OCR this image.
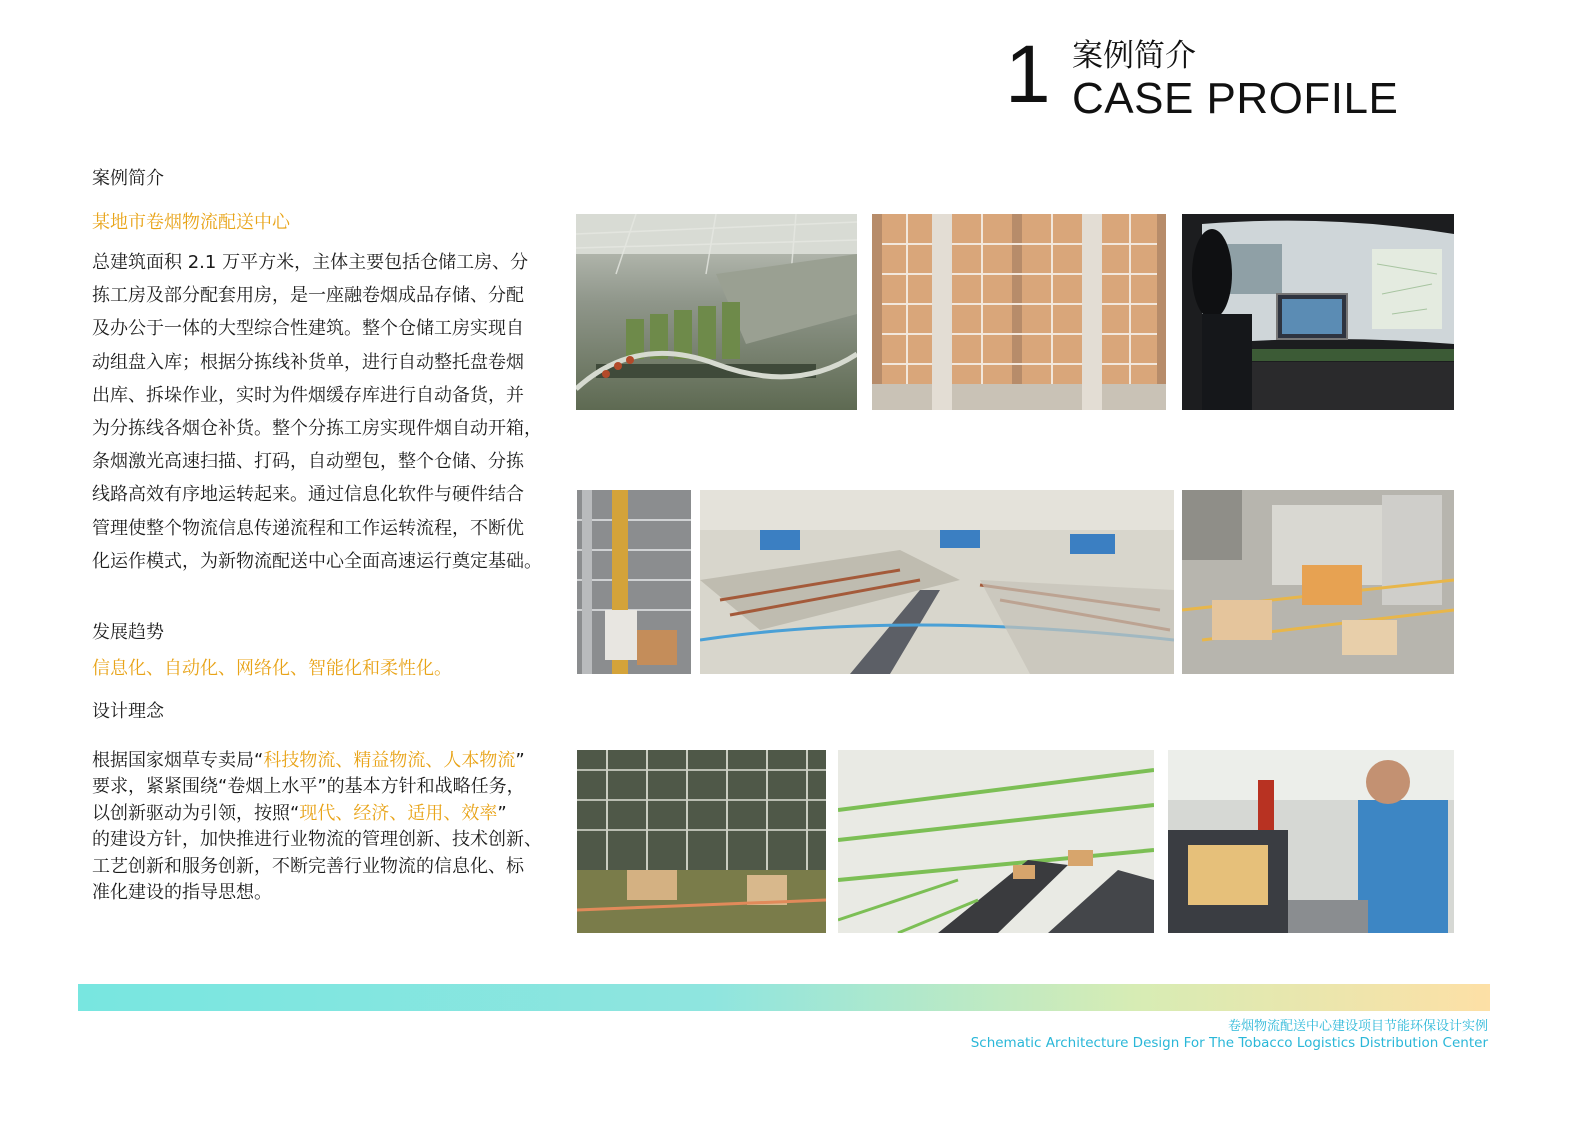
1 案例简介
CASE PROFILE
案例简介
某地市卷烟物流配送中心

总建筑面积 2.1 万平方米，主体主要包括仓储工房、分

拣工房及部分配套用房，是一座融卷烟成品存储、分配

及办公于一体的大型综合性建筑。整个仓储工房实现自

动组盘入库；根据分拣线补货单，进行自动整托盘卷烟

出库、拆垛作业，实时为件烟缓存库进行自动备货，并

为分拣线各烟仓补货。整个分拣工房实现件烟自动开箱，

条烟激光高速扫描、打码，自动塑包，整个仓储、分拣

线路高效有序地运转起来。通过信息化软件与硬件结合

管理使整个物流信息传递流程和工作运转流程，不断优

化运作模式，为新物流配送中心全面高速运行奠定基础。

发展趋势
信息化、自动化、网络化、智能化和柔性化。
设计理念

根据国家烟草专卖局“科技物流、精益物流、人本物流”

要求，紧紧围绕“卷烟上水平”的基本方针和战略任务，

以创新驱动为引领，按照“现代、经济、适用、效率”

的建设方针，加快推进行业物流的管理创新、技术创新、

工艺创新和服务创新，不断完善行业物流的信息化、标

准化建设的指导思想。

卷烟物流配送中心建设项目节能环保设计实例
Schematic Architecture Design For The Tobacco Logistics Distribution Center
